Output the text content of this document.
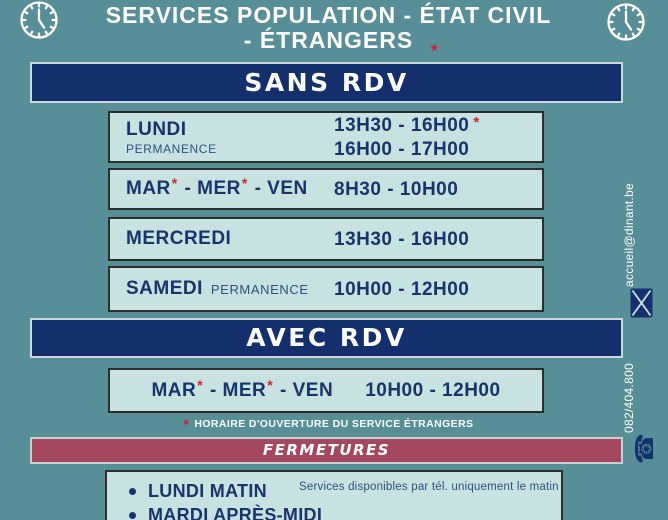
SERVICES POPULATION - ÉTAT CIVIL
- ÉTRANGERS	*
SANS RDV
LUNDI
PERMANENCE
13H30 - 16H00 *
16H00 - 17H00
MAR* - MER* - VEN 8H30 - 10H00
MERCREDI	13H30 - 16H00
SAMEDI PERMANENCE 10H00 - 12H00
AVEC RDV
MAR* - MER* - VEN 10H00 - 12H00
* HORAIRE D'OUVERTURE DU SERVICE ÉTRANGERS
FERMETURES
LUNDI MATIN
MARDI APRÈS-MIDI
Services disponibles par tél. uniquement le matin
accueil@dinant.be
082/404.800
☎
